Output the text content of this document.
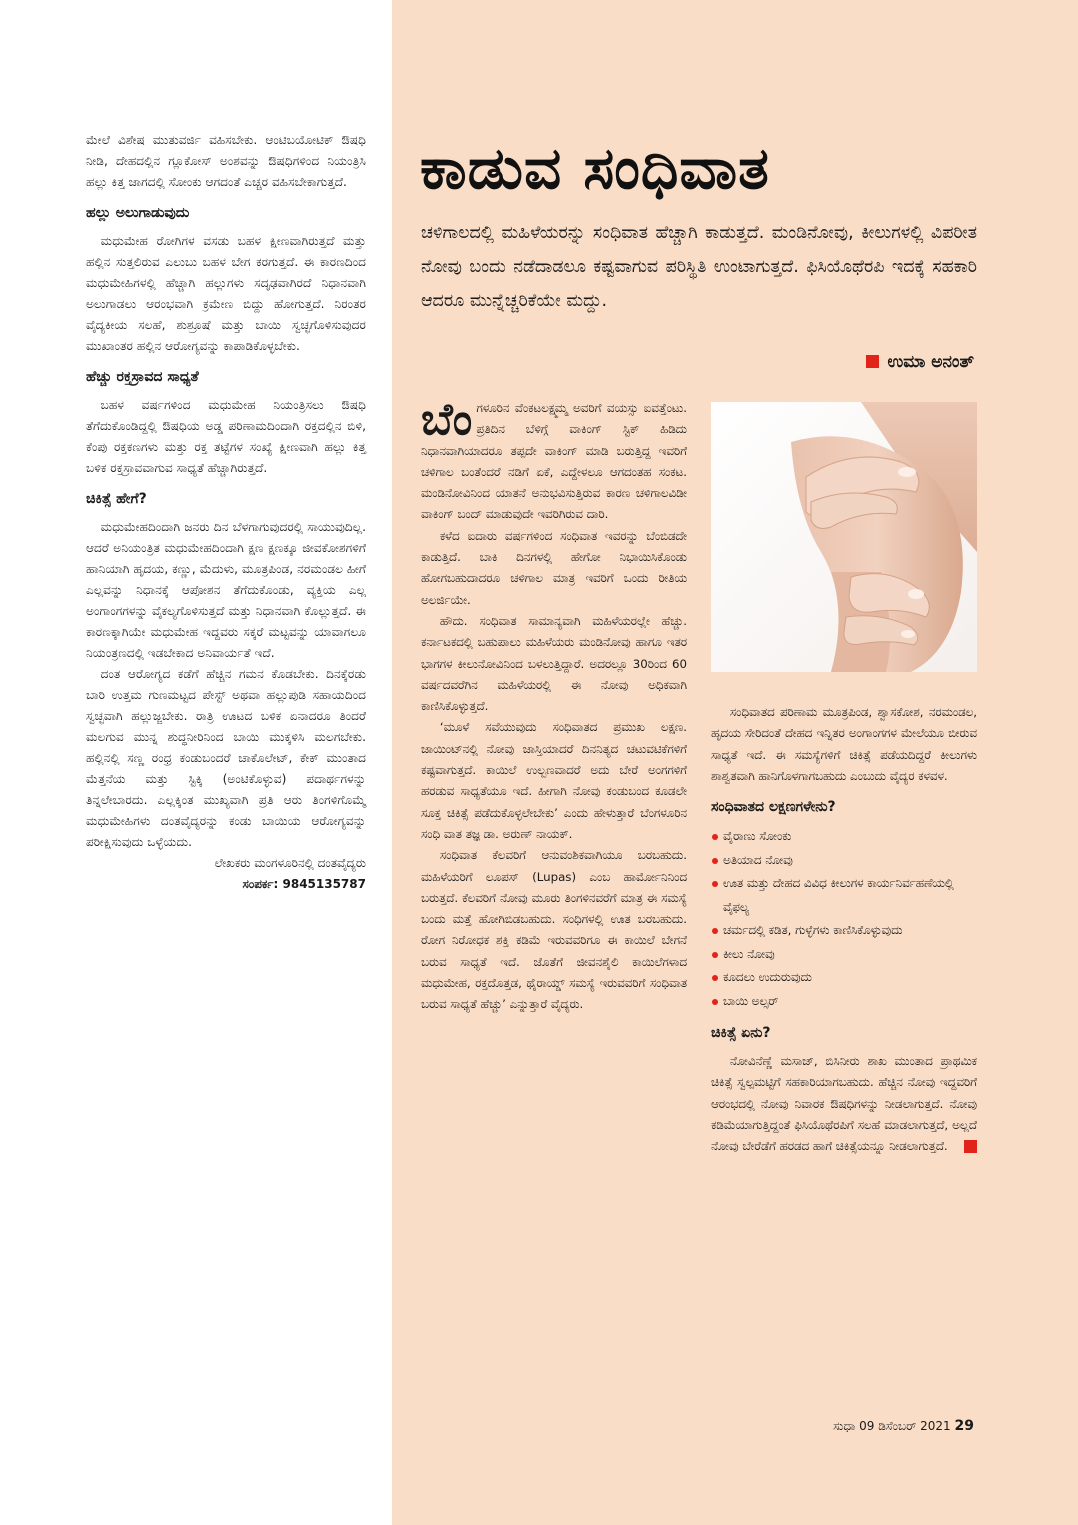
ಮೇಲೆ ವಿಶೇಷ ಮುತುವರ್ಜಿ ವಹಿಸಬೇಕು. ಆಂಟಿಬಯೋಟಿಕ್ ಔಷಧಿ ನೀಡಿ, ದೇಹದಲ್ಲಿನ ಗ್ಲೂಕೋಸ್ ಅಂಶವನ್ನು ಔಷಧಿಗಳಿಂದ ನಿಯಂತ್ರಿಸಿ ಹಲ್ಲು ಕಿತ್ತ ಜಾಗದಲ್ಲಿ ಸೋಂಕು ಆಗದಂತೆ ಎಚ್ಚರ ವಹಿಸಬೇಕಾಗುತ್ತದೆ.

ಹಲ್ಲು ಅಲುಗಾಡುವುದು

ಮಧುಮೇಹ ರೋಗಿಗಳ ವಸಡು ಬಹಳ ಕ್ಷೀಣವಾಗಿರುತ್ತದೆ ಮತ್ತು ಹಲ್ಲಿನ ಸುತ್ತಲಿರುವ ಎಲುಬು ಬಹಳ ಬೇಗ ಕರಗುತ್ತದೆ. ಈ ಕಾರಣದಿಂದ ಮಧುಮೇಹಿಗಳಲ್ಲಿ ಹೆಚ್ಚಾಗಿ ಹಲ್ಲುಗಳು ಸದೃಢವಾಗಿರದೆ ನಿಧಾನವಾಗಿ ಅಲುಗಾಡಲು ಆರಂಭವಾಗಿ ಕ್ರಮೇಣ ಬಿದ್ದು ಹೋಗುತ್ತದೆ. ನಿರಂತರ ವೈದ್ಯಕೀಯ ಸಲಹೆ, ಶುಶ್ರೂಷೆ ಮತ್ತು ಬಾಯಿ ಸ್ವಚ್ಛಗೊಳಿಸುವುದರ ಮುಖಾಂತರ ಹಲ್ಲಿನ ಆರೋಗ್ಯವನ್ನು ಕಾಪಾಡಿಕೊಳ್ಳಬೇಕು.

ಹೆಚ್ಚು ರಕ್ತಸ್ರಾವದ ಸಾಧ್ಯತೆ

ಬಹಳ ವರ್ಷಗಳಿಂದ ಮಧುಮೇಹ ನಿಯಂತ್ರಿಸಲು ಔಷಧಿ ತೆಗೆದುಕೊಂಡಿದ್ದಲ್ಲಿ ಔಷಧಿಯ ಅಡ್ಡ ಪರಿಣಾಮದಿಂದಾಗಿ ರಕ್ತದಲ್ಲಿನ ಬಿಳಿ, ಕೆಂಪು ರಕ್ತಕಣಗಳು ಮತ್ತು ರಕ್ತ ತಟ್ಟೆಗಳ ಸಂಖ್ಯೆ ಕ್ಷೀಣವಾಗಿ ಹಲ್ಲು ಕಿತ್ತ ಬಳಿಕ ರಕ್ತಸ್ರಾವವಾಗುವ ಸಾಧ್ಯತೆ ಹೆಚ್ಚಾಗಿರುತ್ತದೆ.

ಚಿಕಿತ್ಸೆ ಹೇಗೆ?

ಮಧುಮೇಹದಿಂದಾಗಿ ಜನರು ದಿನ ಬೆಳಗಾಗುವುದರಲ್ಲಿ ಸಾಯುವುದಿಲ್ಲ. ಆದರೆ ಅನಿಯಂತ್ರಿತ ಮಧುಮೇಹದಿಂದಾಗಿ ಕ್ಷಣ ಕ್ಷಣಕ್ಕೂ ಜೀವಕೋಶಗಳಿಗೆ ಹಾನಿಯಾಗಿ ಹೃದಯ, ಕಣ್ಣು, ಮೆದುಳು, ಮೂತ್ರಪಿಂಡ, ನರಮಂಡಲ ಹೀಗೆ ಎಲ್ಲವನ್ನು ನಿಧಾನಕ್ಕೆ ಆಪೋಶನ ತೆಗೆದುಕೊಂಡು, ವ್ಯಕ್ತಿಯ ಎಲ್ಲ ಅಂಗಾಂಗಗಳನ್ನು ವೈಕಲ್ಯಗೊಳಿಸುತ್ತದೆ ಮತ್ತು ನಿಧಾನವಾಗಿ ಕೊಲ್ಲುತ್ತದೆ. ಈ ಕಾರಣಕ್ಕಾಗಿಯೇ ಮಧುಮೇಹ ಇದ್ದವರು ಸಕ್ಕರೆ ಮಟ್ಟವನ್ನು ಯಾವಾಗಲೂ ನಿಯಂತ್ರಣದಲ್ಲಿ ಇಡಬೇಕಾದ ಅನಿವಾರ್ಯತೆ ಇದೆ.

ದಂತ ಆರೋಗ್ಯದ ಕಡೆಗೆ ಹೆಚ್ಚಿನ ಗಮನ ಕೊಡಬೇಕು. ದಿನಕ್ಕೆರಡು ಬಾರಿ ಉತ್ತಮ ಗುಣಮಟ್ಟದ ಪೇಸ್ಟ್ ಅಥವಾ ಹಲ್ಲುಪುಡಿ ಸಹಾಯದಿಂದ ಸ್ವಚ್ಛವಾಗಿ ಹಲ್ಲುಜ್ಜಬೇಕು. ರಾತ್ರಿ ಊಟದ ಬಳಿಕ ಏನಾದರೂ ತಿಂದರೆ ಮಲಗುವ ಮುನ್ನ ಶುದ್ಧನೀರಿನಿಂದ ಬಾಯಿ ಮುಕ್ಕಳಿಸಿ ಮಲಗಬೇಕು. ಹಲ್ಲಿನಲ್ಲಿ ಸಣ್ಣ ರಂಧ್ರ ಕಂಡುಬಂದರೆ ಚಾಕೊಲೇಟ್, ಕೇಕ್ ಮುಂತಾದ ಮೆತ್ತನೆಯ ಮತ್ತು ಸ್ಟಿಕ್ಕಿ (ಅಂಟಿಕೊಳ್ಳುವ) ಪದಾರ್ಥಗಳನ್ನು ತಿನ್ನಲೇಬಾರದು. ಎಲ್ಲಕ್ಕಿಂತ ಮುಖ್ಯವಾಗಿ ಪ್ರತಿ ಆರು ತಿಂಗಳಿಗೊಮ್ಮೆ ಮಧುಮೇಹಿಗಳು ದಂತವೈದ್ಯರನ್ನು ಕಂಡು ಬಾಯಿಯ ಆರೋಗ್ಯವನ್ನು ಪರೀಕ್ಷಿಸುವುದು ಒಳ್ಳೆಯದು.

ಲೇಖಕರು ಮಂಗಳೂರಿನಲ್ಲಿ ದಂತವೈದ್ಯರು
ಸಂಪರ್ಕ: 9845135787
ಕಾಡುವ ಸಂಧಿವಾತ
ಚಳಿಗಾಲದಲ್ಲಿ ಮಹಿಳೆಯರನ್ನು ಸಂಧಿವಾತ ಹೆಚ್ಚಾಗಿ ಕಾಡುತ್ತದೆ. ಮಂಡಿನೋವು, ಕೀಲುಗಳಲ್ಲಿ ವಿಪರೀತ ನೋವು ಬಂದು ನಡೆದಾಡಲೂ ಕಷ್ಟವಾಗುವ ಪರಿಸ್ಥಿತಿ ಉಂಟಾಗುತ್ತದೆ. ಫಿಸಿಯೊಥೆರಪಿ ಇದಕ್ಕೆ ಸಹಕಾರಿ ಆದರೂ ಮುನ್ನೆಚ್ಚರಿಕೆಯೇ ಮದ್ದು.
ಉಮಾ ಅನಂತ್

ಬೆಂಗಳೂರಿನ ವೆಂಕಟಲಕ್ಷ್ಮಮ್ಮ ಅವರಿಗೆ ವಯಸ್ಸು ಐವತ್ತೆಂಟು. ಪ್ರತಿದಿನ ಬೆಳಿಗ್ಗೆ ವಾಕಿಂಗ್ ಸ್ಟಿಕ್ ಹಿಡಿದು ನಿಧಾನವಾಗಿಯಾದರೂ ತಪ್ಪದೇ ವಾಕಿಂಗ್ ಮಾಡಿ ಬರುತ್ತಿದ್ದ ಇವರಿಗೆ ಚಳಿಗಾಲ ಬಂತೆಂದರೆ ನಡಿಗೆ ಏಕೆ, ಎದ್ದೇಳಲೂ ಆಗದಂತಹ ಸಂಕಟ. ಮಂಡಿನೋವಿನಿಂದ ಯಾತನೆ ಅನುಭವಿಸುತ್ತಿರುವ ಕಾರಣ ಚಳಿಗಾಲವಿಡೀ ವಾಕಿಂಗ್ ಬಂದ್ ಮಾಡುವುದೇ ಇವರಿಗಿರುವ ದಾರಿ.

ಕಳೆದ ಐದಾರು ವರ್ಷಗಳಿಂದ ಸಂಧಿವಾತ ಇವರನ್ನು ಬೆಂಬಿಡದೇ ಕಾಡುತ್ತಿದೆ. ಬಾಕಿ ದಿನಗಳಲ್ಲಿ ಹೇಗೋ ನಿಭಾಯಿಸಿಕೊಂಡು ಹೋಗಬಹುದಾದರೂ ಚಳಿಗಾಲ ಮಾತ್ರ ಇವರಿಗೆ ಒಂದು ರೀತಿಯ ಅಲರ್ಜಿಯೇ.

ಹೌದು. ಸಂಧಿವಾತ ಸಾಮಾನ್ಯವಾಗಿ ಮಹಿಳೆಯರಲ್ಲೇ ಹೆಚ್ಚು. ಕರ್ನಾಟಕದಲ್ಲಿ ಬಹುಪಾಲು ಮಹಿಳೆಯರು ಮಂಡಿನೋವು ಹಾಗೂ ಇತರ ಭಾಗಗಳ ಕೀಲುನೋವಿನಿಂದ ಬಳಲುತ್ತಿದ್ದಾರೆ. ಅದರಲ್ಲೂ 30ರಿಂದ 60 ವರ್ಷದವರೆಗಿನ ಮಹಿಳೆಯರಲ್ಲಿ ಈ ನೋವು ಅಧಿಕವಾಗಿ ಕಾಣಿಸಿಕೊಳ್ಳುತ್ತದೆ.

‘ಮೂಳೆ ಸವೆಯುವುದು ಸಂಧಿವಾತದ ಪ್ರಮುಖ ಲಕ್ಷಣ. ಜಾಯಿಂಟ್‌ನಲ್ಲಿ ನೋವು ಜಾಸ್ತಿಯಾದರೆ ದಿನನಿತ್ಯದ ಚಟುವಟಿಕೆಗಳಿಗೆ ಕಷ್ಟವಾಗುತ್ತದೆ. ಕಾಯಿಲೆ ಉಲ್ಬಣವಾದರೆ ಅದು ಬೇರೆ ಅಂಗಗಳಿಗೆ ಹರಡುವ ಸಾಧ್ಯತೆಯೂ ಇದೆ. ಹೀಗಾಗಿ ನೋವು ಕಂಡುಬಂದ ಕೂಡಲೇ ಸೂಕ್ತ ಚಿಕಿತ್ಸೆ ಪಡೆದುಕೊಳ್ಳಲೇಬೇಕು’ ಎಂದು ಹೇಳುತ್ತಾರೆ ಬೆಂಗಳೂರಿನ ಸಂಧಿ ವಾತ ತಜ್ಞ ಡಾ. ಅರುಣ್ ನಾಯಕ್.

ಸಂಧಿವಾತ ಕೆಲವರಿಗೆ ಆನುವಂಶಿಕವಾಗಿಯೂ ಬರಬಹುದು. ಮಹಿಳೆಯರಿಗೆ ಲೂಪಸ್ (Lupas) ಎಂಬ ಹಾರ್ಮೋನಿನಿಂದ ಬರುತ್ತದೆ. ಕೆಲವರಿಗೆ ನೋವು ಮೂರು ತಿಂಗಳಿನವರೆಗೆ ಮಾತ್ರ ಈ ಸಮಸ್ಯೆ ಬಂದು ಮತ್ತೆ ಹೋಗಿಬಿಡಬಹುದು. ಸಂಧಿಗಳಲ್ಲಿ ಊತ ಬರಬಹುದು. ರೋಗ ನಿರೋಧಕ ಶಕ್ತಿ ಕಡಿಮೆ ಇರುವವರಿಗೂ ಈ ಕಾಯಿಲೆ ಬೇಗನೆ ಬರುವ ಸಾಧ್ಯತೆ ಇದೆ. ಜೊತೆಗೆ ಜೀವನಶೈಲಿ ಕಾಯಿಲೆಗಳಾದ ಮಧುಮೇಹ, ರಕ್ತದೊತ್ತಡ, ಥೈರಾಯ್ಡ್ ಸಮಸ್ಯೆ ಇರುವವರಿಗೆ ಸಂಧಿವಾತ ಬರುವ ಸಾಧ್ಯತೆ ಹೆಚ್ಚು’ ಎನ್ನುತ್ತಾರೆ ವೈದ್ಯರು.

ಸಂಧಿವಾತದ ಪರಿಣಾಮ ಮೂತ್ರಪಿಂಡ, ಶ್ವಾಸಕೋಶ, ನರಮಂಡಲ, ಹೃದಯ ಸೇರಿದಂತೆ ದೇಹದ ಇನ್ನಿತರ ಅಂಗಾಂಗಗಳ ಮೇಲೆಯೂ ಬೀರುವ ಸಾಧ್ಯತೆ ಇದೆ. ಈ ಸಮಸ್ಯೆಗಳಿಗೆ ಚಿಕಿತ್ಸೆ ಪಡೆಯದಿದ್ದರೆ ಕೀಲುಗಳು ಶಾಶ್ವತವಾಗಿ ಹಾನಿಗೊಳಗಾಗಬಹುದು ಎಂಬುದು ವೈದ್ಯರ ಕಳವಳ.

ಸಂಧಿವಾತದ ಲಕ್ಷಣಗಳೇನು?
ವೈರಾಣು ಸೋಂಕು
ಅತಿಯಾದ ನೋವು
ಊತ ಮತ್ತು ದೇಹದ ವಿವಿಧ ಕೀಲುಗಳ ಕಾರ್ಯನಿರ್ವಹಣೆಯಲ್ಲಿ ವೈಫಲ್ಯ
ಚರ್ಮದಲ್ಲಿ ಕಡಿತ, ಗುಳ್ಳೆಗಳು ಕಾಣಿಸಿಕೊಳ್ಳುವುದು
ಕೀಲು ನೋವು
ಕೂದಲು ಉದುರುವುದು
ಬಾಯಿ ಅಲ್ಸರ್
ಚಿಕಿತ್ಸೆ ಏನು?

ನೋವಿನೆಣ್ಣೆ ಮಸಾಜ್, ಬಿಸಿನೀರು ಶಾಖ ಮುಂತಾದ ಪ್ರಾಥಮಿಕ ಚಿಕಿತ್ಸೆ ಸ್ವಲ್ಪಮಟ್ಟಿಗೆ ಸಹಕಾರಿಯಾಗಬಹುದು. ಹೆಚ್ಚಿನ ನೋವು ಇದ್ದವರಿಗೆ ಆರಂಭದಲ್ಲಿ ನೋವು ನಿವಾರಕ ಔಷಧಿಗಳನ್ನು ನೀಡಲಾಗುತ್ತದೆ. ನೋವು ಕಡಿಮೆಯಾಗುತ್ತಿದ್ದಂತೆ ಫಿಸಿಯೊಥೆರಪಿಗೆ ಸಲಹೆ ಮಾಡಲಾಗುತ್ತದೆ, ಅಲ್ಲದೆ ನೋವು ಬೇರೆಡೆಗೆ ಹರಡದ ಹಾಗೆ ಚಿಕಿತ್ಸೆಯನ್ನೂ ನೀಡಲಾಗುತ್ತದೆ.

ಸುಧಾ 09 ಡಿಸೆಂಬರ್ 2021 29
